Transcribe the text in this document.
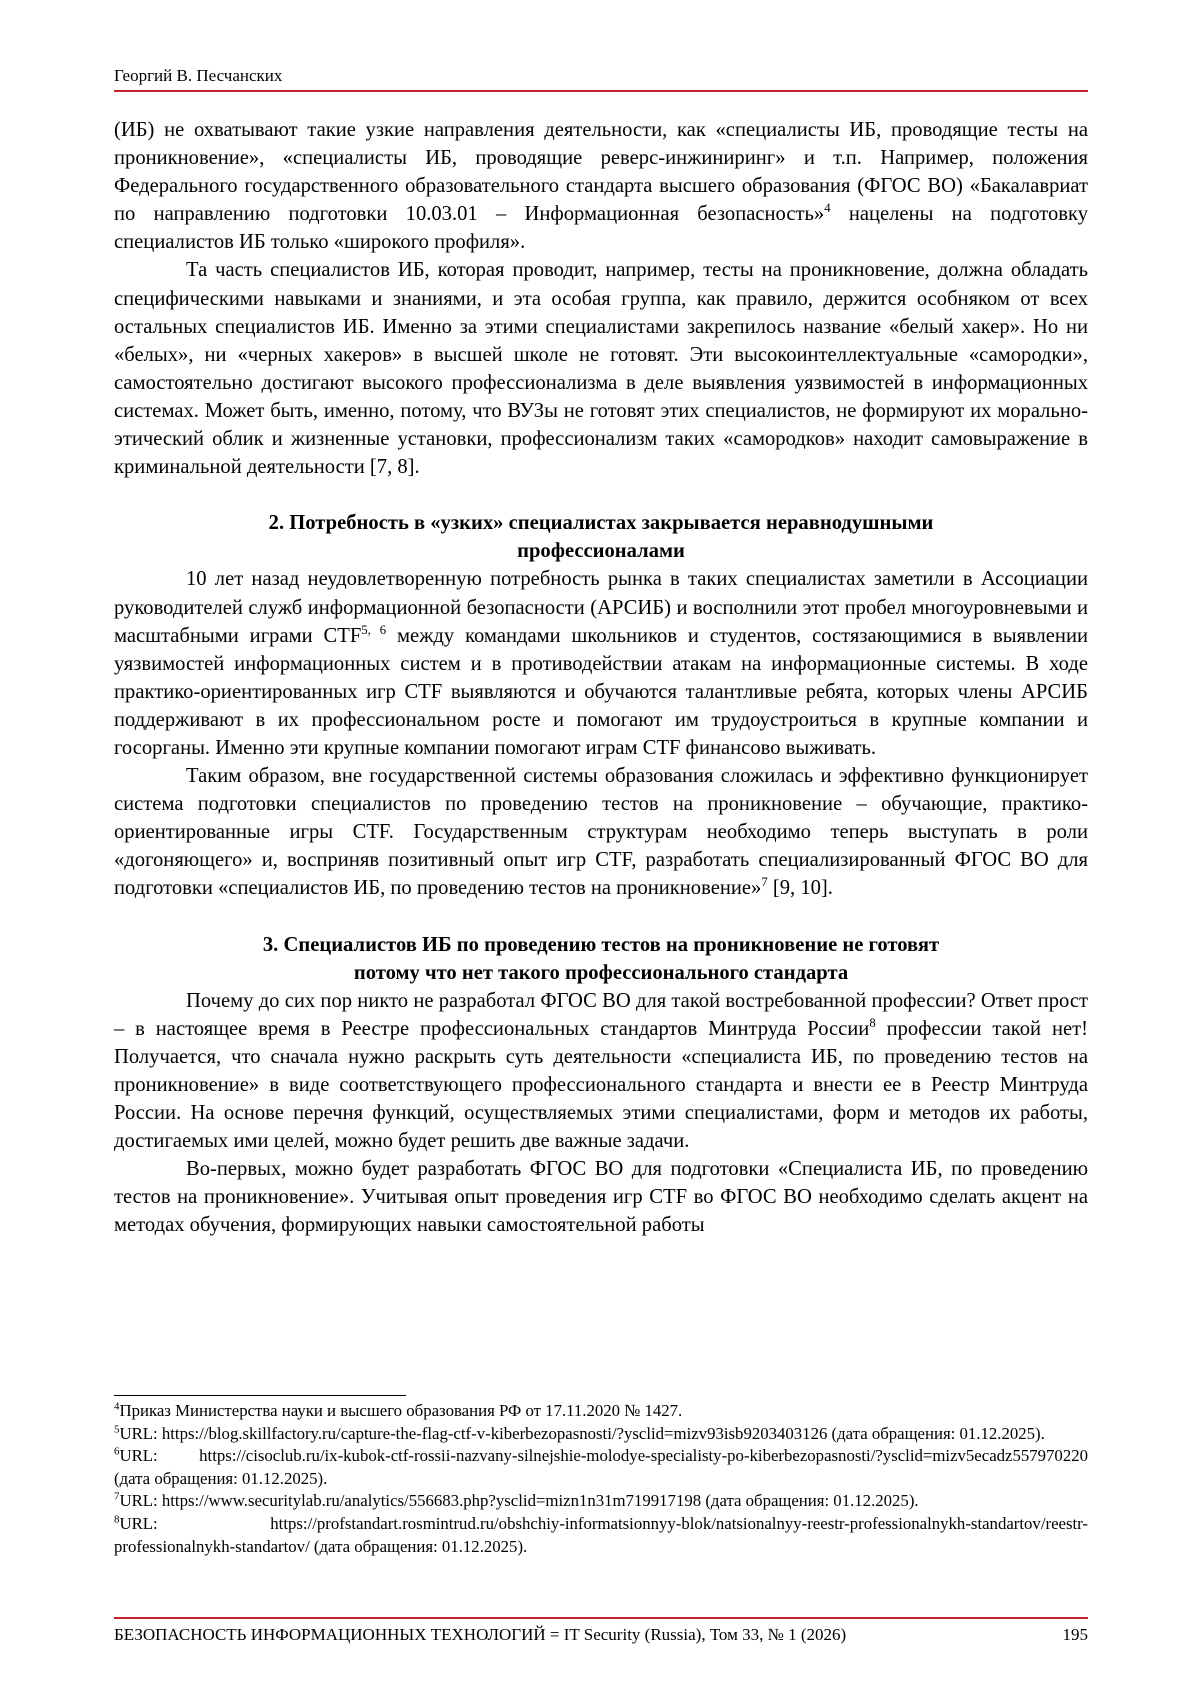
Георгий В. Песчанских

(ИБ) не охватывают такие узкие направления деятельности, как «специалисты ИБ, проводящие тесты на проникновение», «специалисты ИБ, проводящие реверс-инжиниринг» и т.п. Например, положения Федерального государственного образовательного стандарта высшего образования (ФГОС ВО) «Бакалавриат по направлению подготовки 10.03.01 – Информационная безопасность»$^4$ нацелены на подготовку специалистов ИБ только «широкого профиля».

Та часть специалистов ИБ, которая проводит, например, тесты на проникновение, должна обладать специфическими навыками и знаниями, и эта особая группа, как правило, держится особняком от всех остальных специалистов ИБ. Именно за этими специалистами закрепилось название «белый хакер». Но ни «белых», ни «черных хакеров» в высшей школе не готовят. Эти высокоинтеллектуальные «самородки», самостоятельно достигают высокого профессионализма в деле выявления уязвимостей в информационных системах. Может быть, именно, потому, что ВУЗы не готовят этих специалистов, не формируют их морально-этический облик и жизненные установки, профессионализм таких «самородков» находит самовыражение в криминальной деятельности [7, 8].

2. Потребность в «узких» специалистах закрывается неравнодушными
профессионалами

10 лет назад неудовлетворенную потребность рынка в таких специалистах заметили в Ассоциации руководителей служб информационной безопасности (АРСИБ) и восполнили этот пробел многоуровневыми и масштабными играми CTF$^{5, 6}$ между командами школьников и студентов, состязающимися в выявлении уязвимостей информационных систем и в противодействии атакам на информационные системы. В ходе практико-ориентированных игр CTF выявляются и обучаются талантливые ребята, которых члены АРСИБ поддерживают в их профессиональном росте и помогают им трудоустроиться в крупные компании и госорганы. Именно эти крупные компании помогают играм CTF финансово выживать.

Таким образом, вне государственной системы образования сложилась и эффективно функционирует система подготовки специалистов по проведению тестов на проникновение – обучающие, практико-ориентированные игры CTF. Государственным структурам необходимо теперь выступать в роли «догоняющего» и, восприняв позитивный опыт игр CTF, разработать специализированный ФГОС ВО для подготовки «специалистов ИБ, по проведению тестов на проникновение»$^7$ [9, 10].

3. Специалистов ИБ по проведению тестов на проникновение не готовят
потому что нет такого профессионального стандарта

Почему до сих пор никто не разработал ФГОС ВО для такой востребованной профессии? Ответ прост – в настоящее время в Реестре профессиональных стандартов Минтруда России$^8$ профессии такой нет! Получается, что сначала нужно раскрыть суть деятельности «специалиста ИБ, по проведению тестов на проникновение» в виде соответствующего профессионального стандарта и внести ее в Реестр Минтруда России. На основе перечня функций, осуществляемых этими специалистами, форм и методов их работы, достигаемых ими целей, можно будет решить две важные задачи.

Во-первых, можно будет разработать ФГОС ВО для подготовки «Специалиста ИБ, по проведению тестов на проникновение». Учитывая опыт проведения игр CTF во ФГОС ВО необходимо сделать акцент на методах обучения, формирующих навыки самостоятельной работы

$^4$Приказ Министерства науки и высшего образования РФ от 17.11.2020 № 1427.

$^5$URL: https://blog.skillfactory.ru/capture-the-flag-ctf-v-kiberbezopasnosti/?ysclid=mizv93isb9203403126 (дата обращения: 01.12.2025).

$^6$URL: https://cisoclub.ru/ix-kubok-ctf-rossii-nazvany-silnejshie-molodye-specialisty-po-kiberbezopasnosti/?ysclid=mizv5ecadz557970220 (дата обращения: 01.12.2025).

$^7$URL: https://www.securitylab.ru/analytics/556683.php?ysclid=mizn1n31m719917198 (дата обращения: 01.12.2025).

$^8$URL: https://profstandart.rosmintrud.ru/obshchiy-informatsionnyy-blok/natsionalnyy-reestr-professionalnykh-standartov/reestr-professionalnykh-standartov/ (дата обращения: 01.12.2025).

БЕЗОПАСНОСТЬ ИНФОРМАЦИОННЫХ ТЕХНОЛОГИЙ = IT Security (Russia), Том 33, № 1 (2026)	195
